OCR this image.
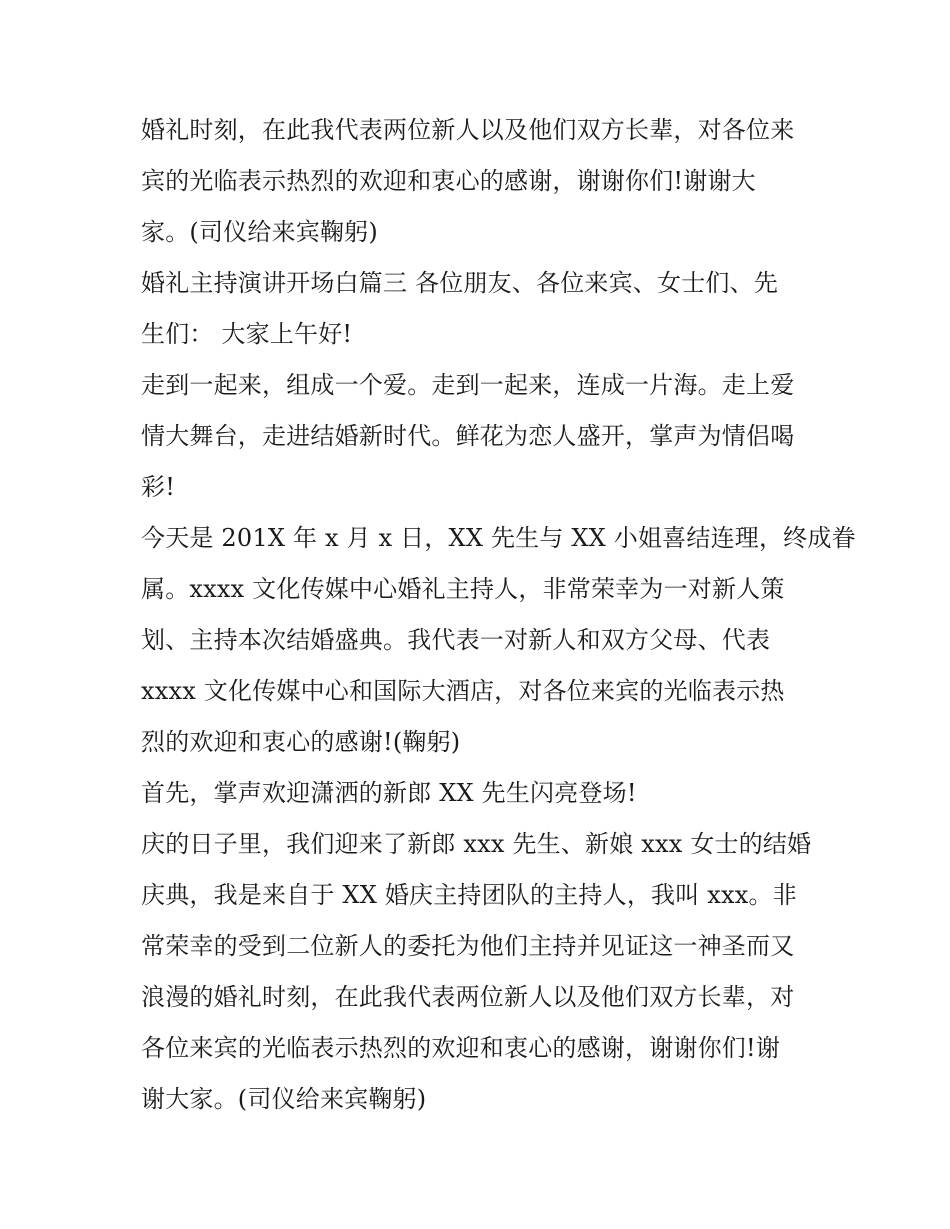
婚礼时刻，在此我代表两位新人以及他们双方长辈，对各位来
宾的光临表示热烈的欢迎和衷心的感谢，谢谢你们!谢谢大
家。(司仪给来宾鞠躬)
婚礼主持演讲开场白篇三 各位朋友、各位来宾、女士们、先
生们： 大家上午好!
走到一起来，组成一个爱。走到一起来，连成一片海。走上爱
情大舞台，走进结婚新时代。鲜花为恋人盛开，掌声为情侣喝
彩!
今天是 201X 年 x 月 x 日，XX 先生与 XX 小姐喜结连理，终成眷
属。xxxx 文化传媒中心婚礼主持人，非常荣幸为一对新人策
划、主持本次结婚盛典。我代表一对新人和双方父母、代表
xxxx 文化传媒中心和国际大酒店，对各位来宾的光临表示热
烈的欢迎和衷心的感谢!(鞠躬)
首先，掌声欢迎潇洒的新郎 XX 先生闪亮登场!
庆的日子里，我们迎来了新郎 xxx 先生、新娘 xxx 女士的结婚
庆典，我是来自于 XX 婚庆主持团队的主持人，我叫 xxx。非
常荣幸的受到二位新人的委托为他们主持并见证这一神圣而又
浪漫的婚礼时刻，在此我代表两位新人以及他们双方长辈，对
各位来宾的光临表示热烈的欢迎和衷心的感谢，谢谢你们!谢
谢大家。(司仪给来宾鞠躬)
